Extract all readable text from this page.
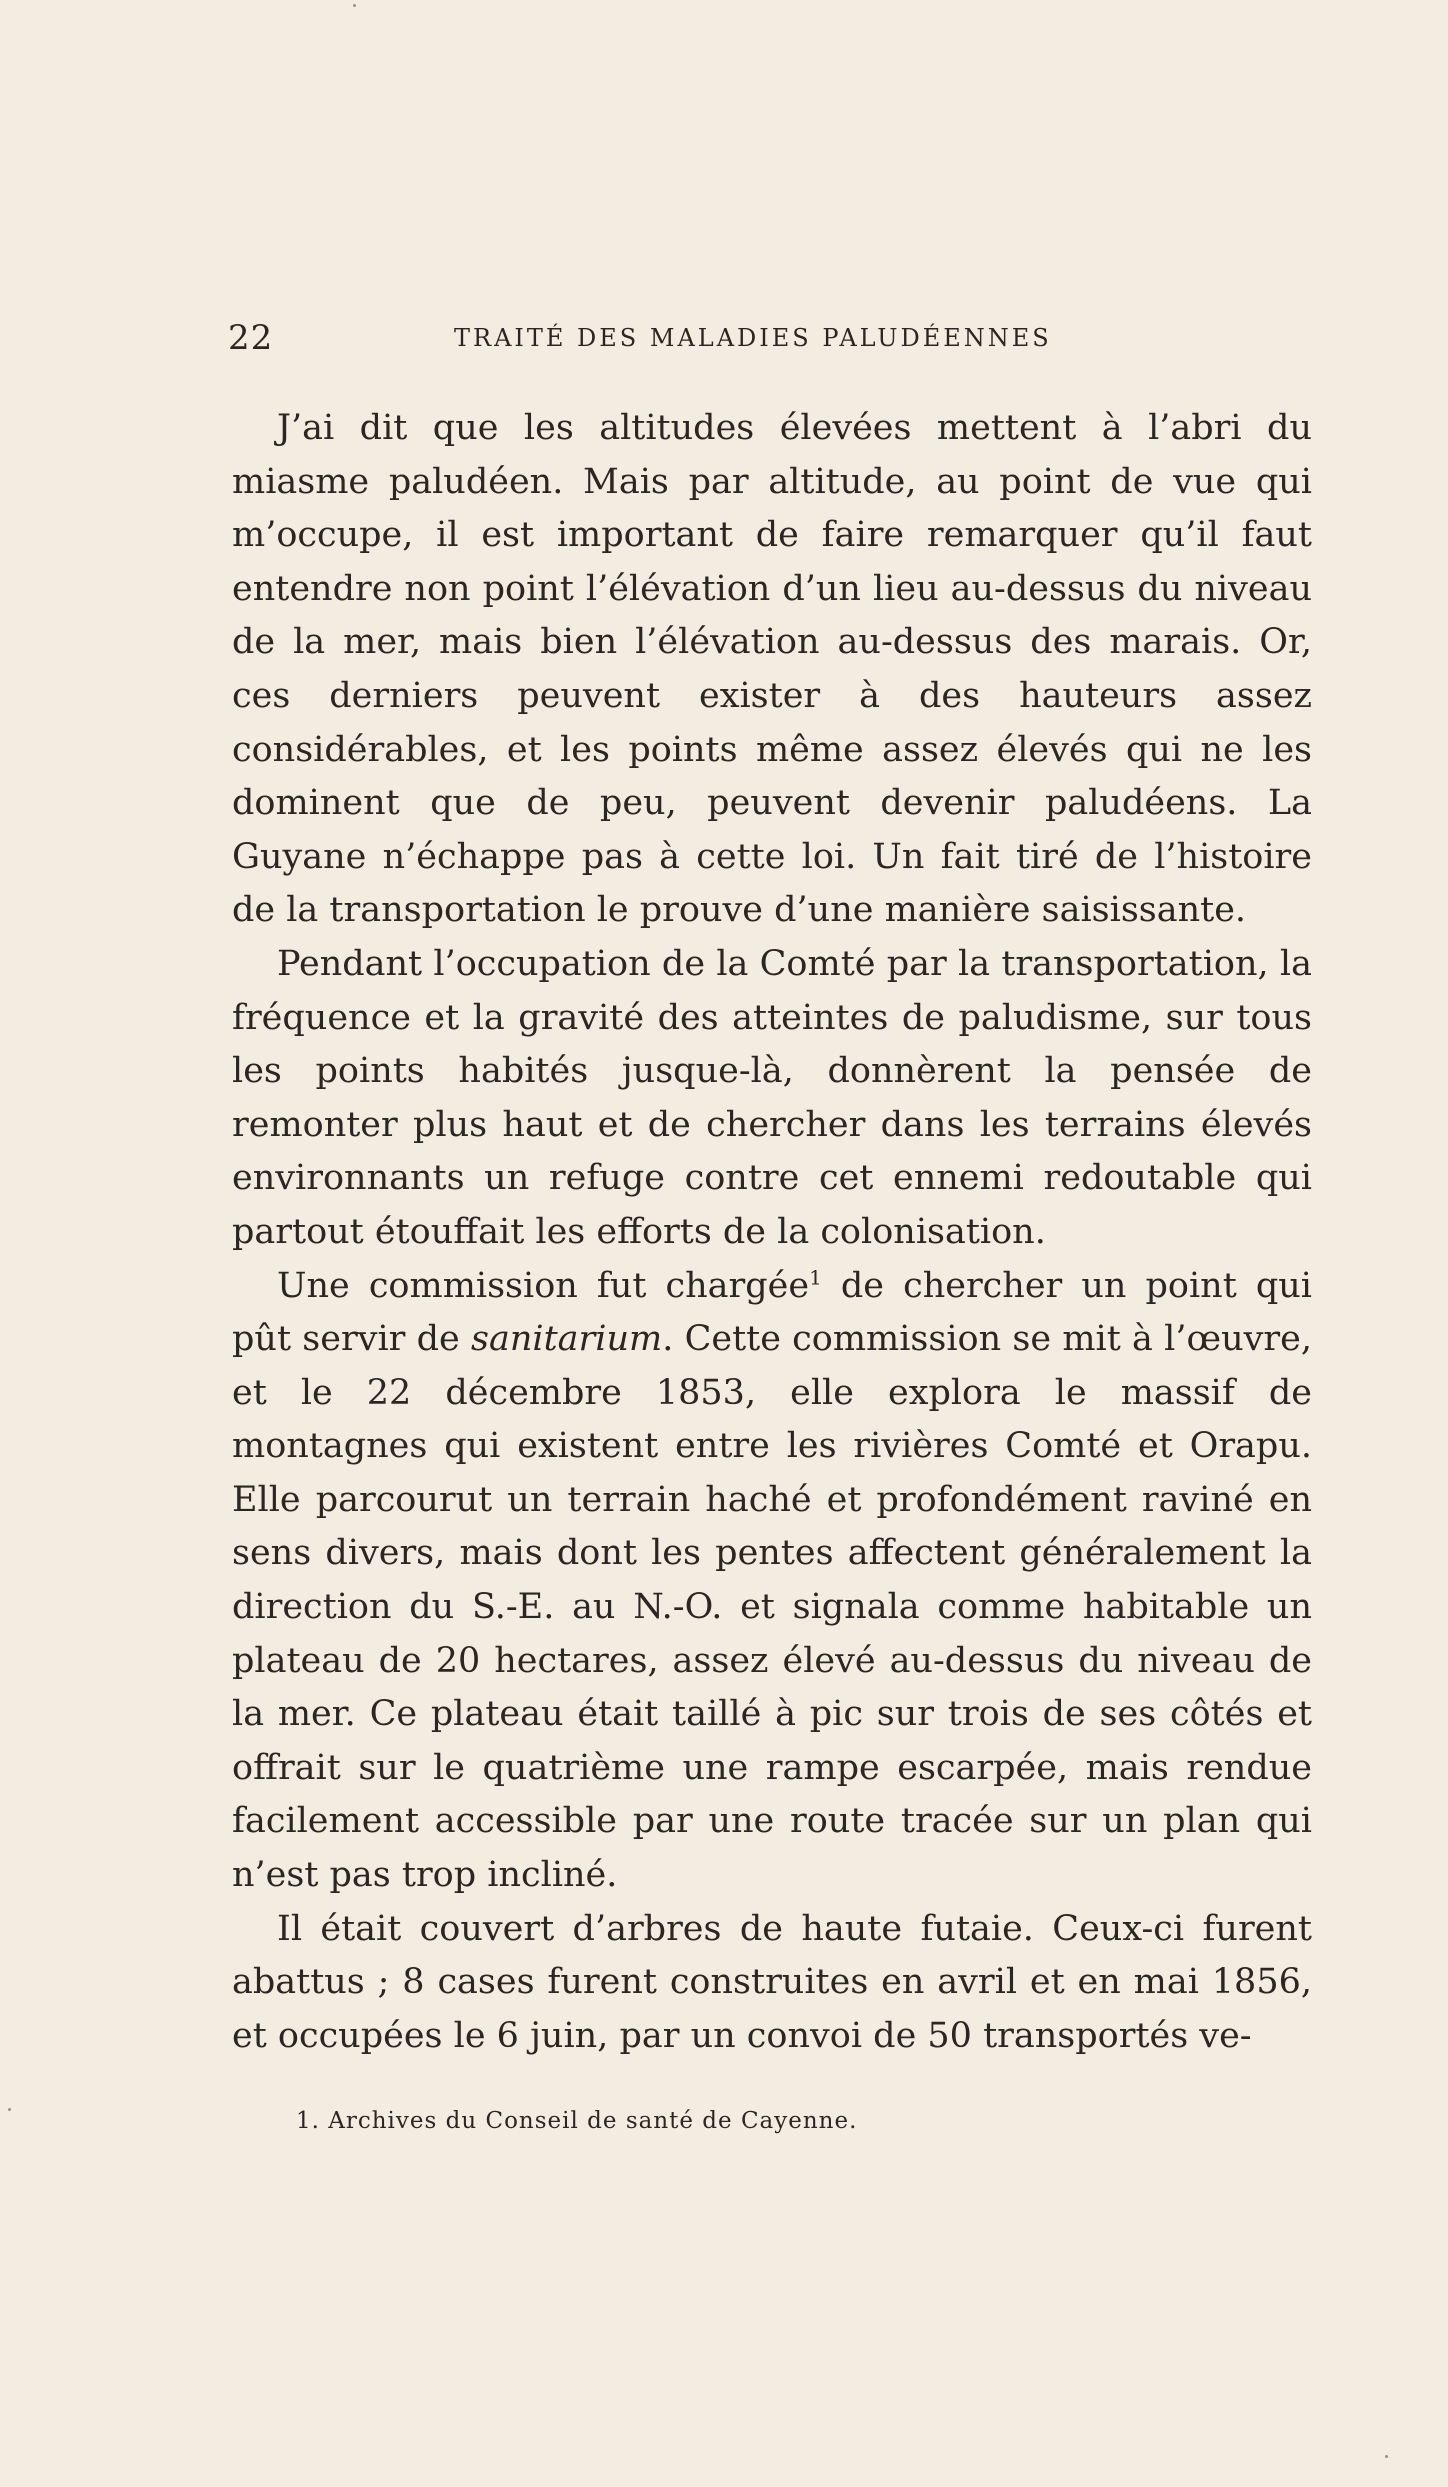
22	TRAITÉ DES MALADIES PALUDÉENNES

J’ai dit que les altitudes élevées mettent à l’abri du miasme paludéen. Mais par altitude, au point de vue qui m’occupe, il est important de faire remarquer qu’il faut entendre non point l’élévation d’un lieu au-dessus du niveau de la mer, mais bien l’élévation au-dessus des marais. Or, ces derniers peuvent exister à des hauteurs assez considérables, et les points même assez élevés qui ne les dominent que de peu, peuvent devenir paludéens. La Guyane n’échappe pas à cette loi. Un fait tiré de l’histoire de la transportation le prouve d’une manière saisissante.

Pendant l’occupation de la Comté par la transportation, la fréquence et la gravité des atteintes de paludisme, sur tous les points habités jusque-là, donnèrent la pensée de remonter plus haut et de chercher dans les terrains élevés environnants un refuge contre cet ennemi redoutable qui partout étouffait les efforts de la colonisation.

Une commission fut chargée$^1$ de chercher un point qui pût servir de sanitarium. Cette commission se mit à l’œuvre, et le 22 décembre 1853, elle explora le massif de montagnes qui existent entre les rivières Comté et Orapu. Elle parcourut un terrain haché et profondément raviné en sens divers, mais dont les pentes affectent généralement la direction du S.-E. au N.-O. et signala comme habitable un plateau de 20 hectares, assez élevé au-dessus du niveau de la mer. Ce plateau était taillé à pic sur trois de ses côtés et offrait sur le quatrième une rampe escarpée, mais rendue facilement accessible par une route tracée sur un plan qui n’est pas trop incliné.

Il était couvert d’arbres de haute futaie. Ceux-ci furent abattus ; 8 cases furent construites en avril et en mai 1856, et occupées le 6 juin, par un convoi de 50 transportés ve-

1. Archives du Conseil de santé de Cayenne.
